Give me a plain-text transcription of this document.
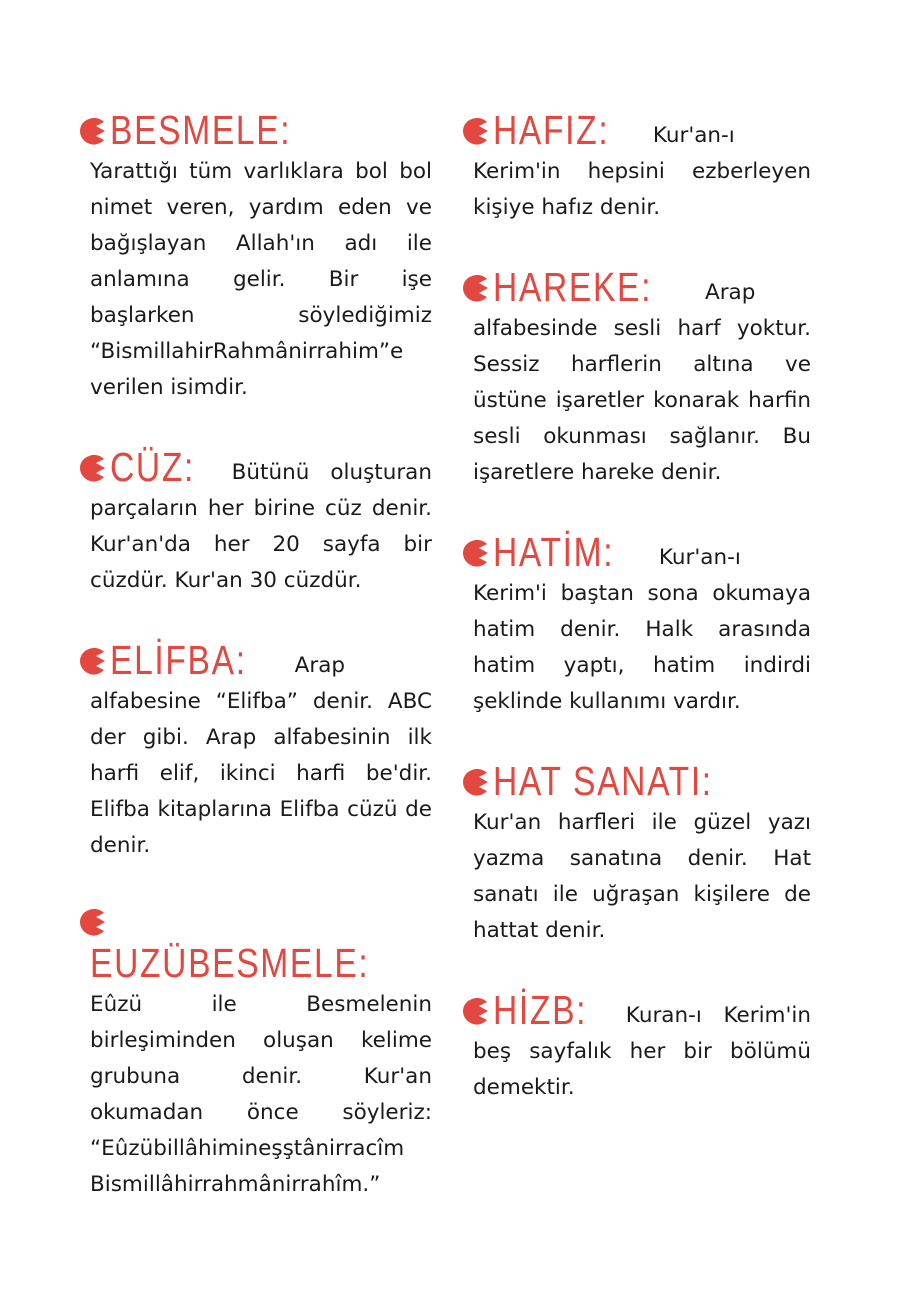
BESMELE:Yarattığı tüm varlıklara bol bol nimet veren, yardım eden ve bağışlayan Allah'ın adı ile anlamına gelir. Bir işe başlarken söylediğimiz “BismillahirRahmânirrahim”e verilen isimdir.

CÜZ: Bütünü oluşturan parçaların her birine cüz denir. Kur'an'da her 20 sayfa bir cüzdür. Kur'an 30 cüzdür.

ELİFBA: Arap alfabesine “Elifba” denir. ABC der gibi. Arap alfabesinin ilk harfi elif, ikinci harfi be'dir. Elifba kitaplarına Elifba cüzü de denir.

EUZÜBESMELE:Eûzü ile Besmelenin birleşiminden oluşan kelime grubuna denir. Kur'an okumadan önce söyleriz: “Eûzübillâhimineşştânirracîm Bismillâhirrahmânirrahîm.”

HAFIZ: Kur'an-ı Kerim'in hepsini ezberleyen kişiye hafız denir.

HAREKE: Arap alfabesinde sesli harf yoktur. Sessiz harflerin altına ve üstüne işaretler konarak harfin sesli okunması sağlanır. Bu işaretlere hareke denir.

HATİM: Kur'an-ı Kerim'i baştan sona okumaya hatim denir. Halk arasında hatim yaptı, hatim indirdi şeklinde kullanımı vardır.

HAT SANATI:Kur'an harfleri ile güzel yazı yazma sanatına denir. Hat sanatı ile uğraşan kişilere de hattat denir.

HİZB: Kuran-ı Kerim'in beş sayfalık her bir bölümü demektir.
